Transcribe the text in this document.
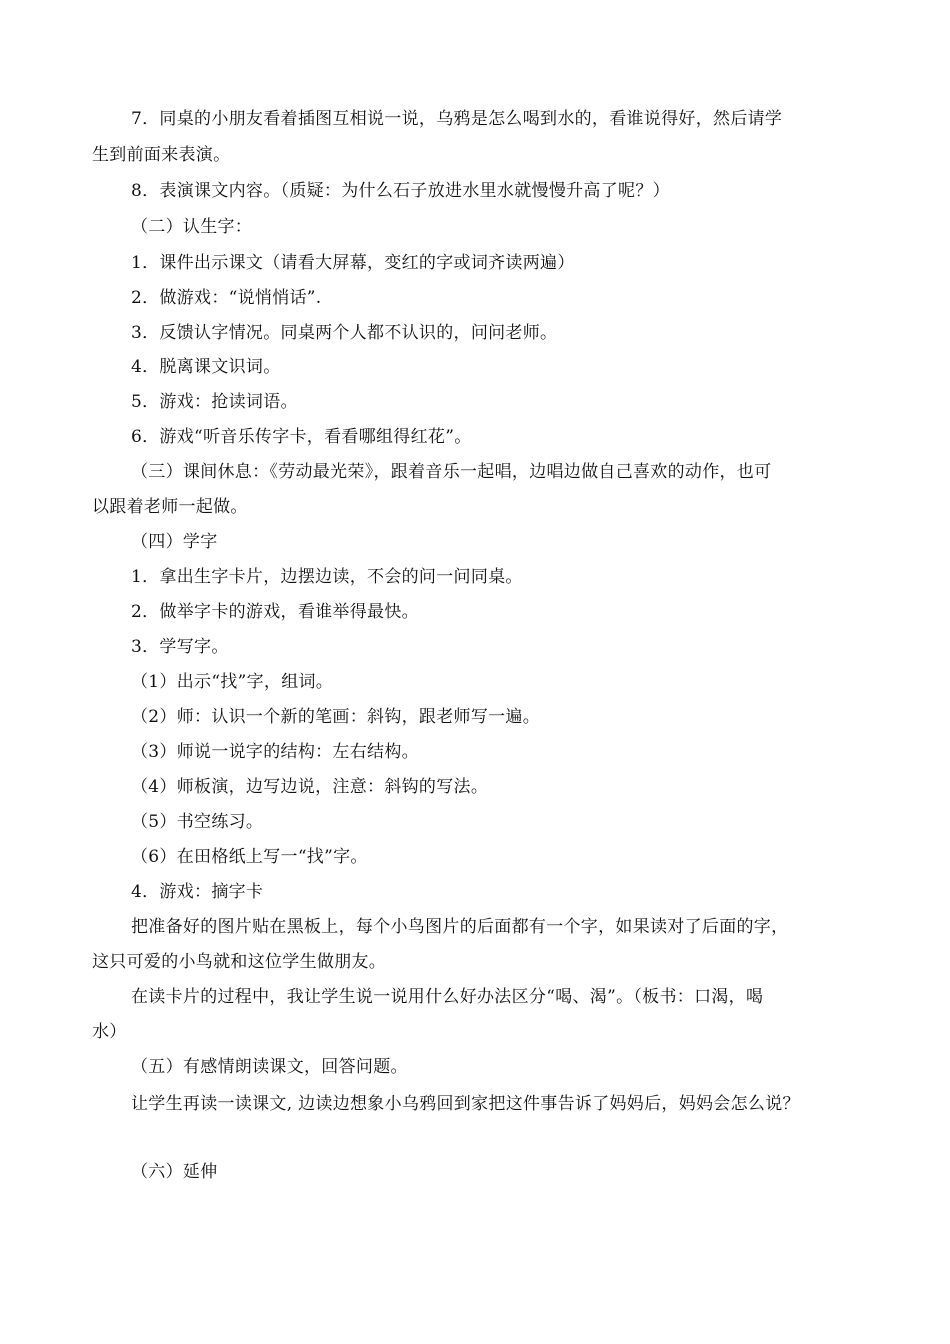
7．同桌的小朋友看着插图互相说一说，乌鸦是怎么喝到水的，看谁说得好，然后请学
生到前面来表演。
8．表演课文内容。（质疑：为什么石子放进水里水就慢慢升高了呢？）
（二）认生字：
1．课件出示课文（请看大屏幕，变红的字或词齐读两遍）
2．做游戏：“说悄悄话”.
3．反馈认字情况。同桌两个人都不认识的，问问老师。
4．脱离课文识词。
5．游戏：抢读词语。
6．游戏“听音乐传字卡，看看哪组得红花”。
（三）课间休息：《劳动最光荣》，跟着音乐一起唱，边唱边做自己喜欢的动作，也可
以跟着老师一起做。
（四）学字
1．拿出生字卡片，边摆边读，不会的问一问同桌。
2．做举字卡的游戏，看谁举得最快。
3．学写字。
（1）出示“找”字，组词。
（2）师：认识一个新的笔画：斜钩，跟老师写一遍。
（3）师说一说字的结构：左右结构。
（4）师板演，边写边说，注意：斜钩的写法。
（5）书空练习。
（6）在田格纸上写一“找”字。
4．游戏：摘字卡
把准备好的图片贴在黑板上，每个小鸟图片的后面都有一个字，如果读对了后面的字，
这只可爱的小鸟就和这位学生做朋友。
在读卡片的过程中，我让学生说一说用什么好办法区分“喝、渴”。（板书：口渴，喝
水）
（五）有感情朗读课文，回答问题。
让学生再读一读课文, 边读边想象小乌鸦回到家把这件事告诉了妈妈后，妈妈会怎么说？
（六）延伸
